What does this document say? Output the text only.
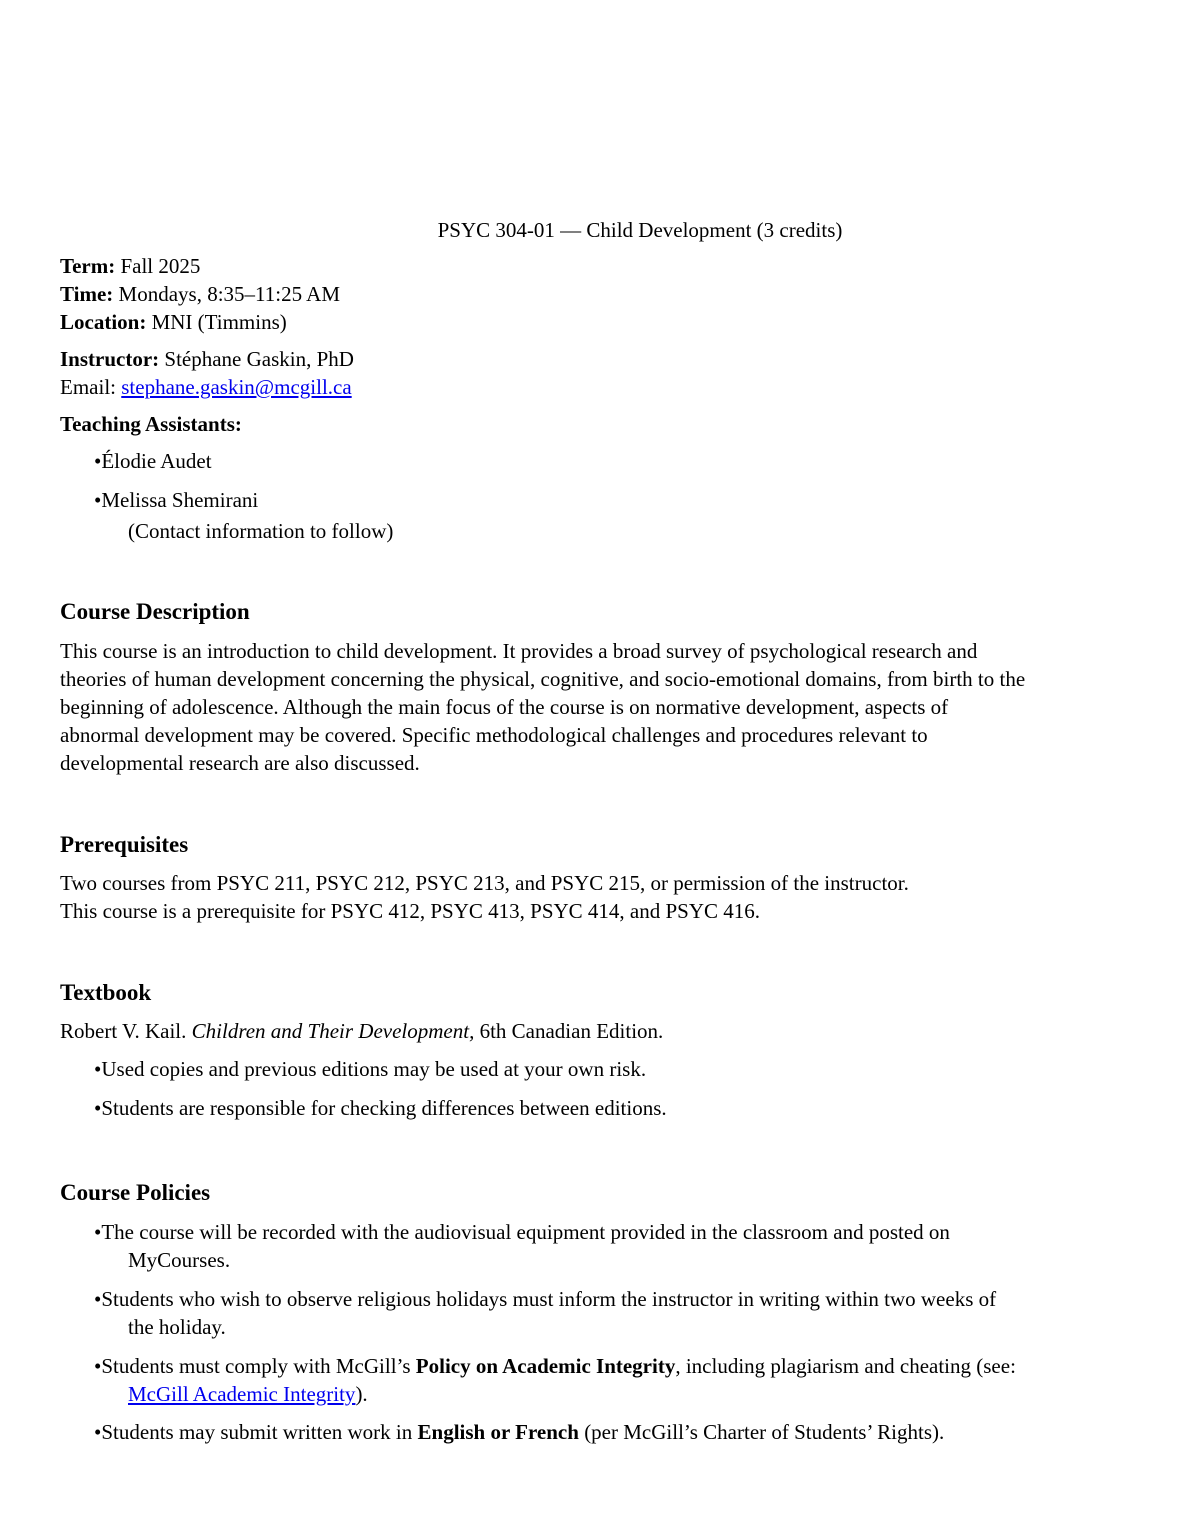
PSYC 304-01 — Child Development (3 credits)
Term: Fall 2025
Time: Mondays, 8:35–11:25 AM
Location: MNI (Timmins)
Instructor: Stéphane Gaskin, PhD
Email: stephane.gaskin@mcgill.ca
Teaching Assistants:
•Élodie Audet
•Melissa Shemirani
(Contact information to follow)
Course Description
This course is an introduction to child development. It provides a broad survey of psychological research and
theories of human development concerning the physical, cognitive, and socio-emotional domains, from birth to the
beginning of adolescence. Although the main focus of the course is on normative development, aspects of
abnormal development may be covered. Specific methodological challenges and procedures relevant to
developmental research are also discussed.
Prerequisites
Two courses from PSYC 211, PSYC 212, PSYC 213, and PSYC 215, or permission of the instructor.
This course is a prerequisite for PSYC 412, PSYC 413, PSYC 414, and PSYC 416.
Textbook
Robert V. Kail. Children and Their Development, 6th Canadian Edition.
•Used copies and previous editions may be used at your own risk.
•Students are responsible for checking differences between editions.
Course Policies
•The course will be recorded with the audiovisual equipment provided in the classroom and posted on
MyCourses.
•Students who wish to observe religious holidays must inform the instructor in writing within two weeks of
the holiday.
•Students must comply with McGill’s Policy on Academic Integrity, including plagiarism and cheating (see:
McGill Academic Integrity).
•Students may submit written work in English or French (per McGill’s Charter of Students’ Rights).
